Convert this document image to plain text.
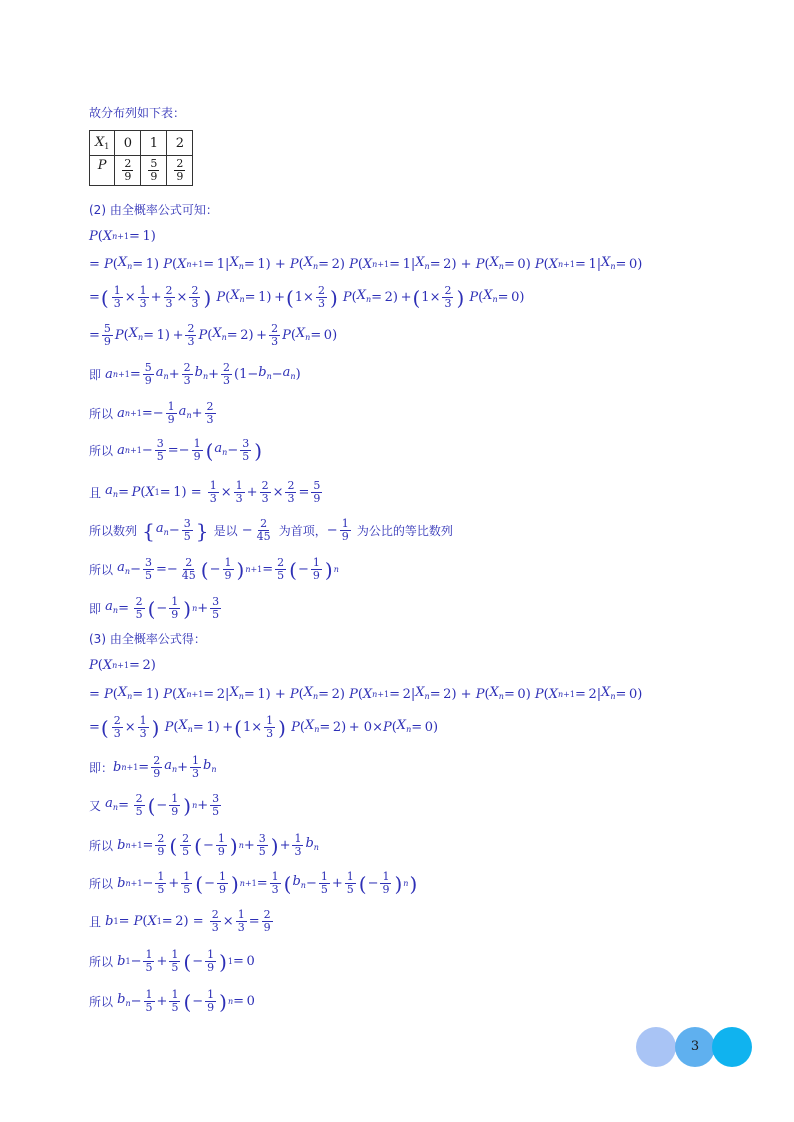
故分布列如下表：
$X_1$	0	1	2
P	$\frac{2}{9}$	$\frac{5}{9}$	$\frac{2}{9}$
(2) 由全概率公式可知：
P ( X n+1 = 1)
= P ( $X_n = 1$) P ( X n+1 = 1| $X_n = 1) + P$ ( $X_n = 2$) P ( X n+1 = 1| $X_n = 2) + P$ ( $X_n = 0$) P ( X n+1 = 1| $X_n = 0$)
= ( $\frac{1}{3} \times \frac{1}{3} + \frac{2}{3} \times \frac{2}{3}$ )
P ( $X_n = 1$) + ( $1\times \frac{2}{3}$ )
P ( $X_n = 2$) + ( $1\times \frac{2}{3}$ )
P ( $X_n = 0$)
= $\frac{5}{9}$ P ( $X_n = 1) + \frac{2}{3}$ P ( $X_n = 2) + \frac{2}{3}$ P ( $X_n = 0$)
即
a $n+1 = \frac{5}{9} a_n + \frac{2}{3} b_n + \frac{2}{3} (1- b_n - a_n$ )
所以
a $n+1 =- \frac{1}{9} a_n + \frac{2}{3}$
所以
a $n+1 - \frac{3}{5} =- \frac{1}{9}$ ( $a_n - \frac{3}{5}$ )
且
$a_n = P$ ( X $1 = 1) = \frac{1}{3} \times \frac{1}{3} + \frac{2}{3} \times \frac{2}{3} = \frac{5}{9}$
所以数列
{ $a_n - \frac{3}{5}$ }
是以 − $\frac{2}{45}$
为首项， − $\frac{1}{9}$
为公比的等比数列
所以
$a_n - \frac{3}{5} =- \frac{2}{45}$ ( − $\frac{1}{9}$ ) $n+1 = \frac{2}{5}$ ( − $\frac{1}{9}$ ) n
即
$a_n = \frac{2}{5}$ ( − $\frac{1}{9}$ ) $n + \frac{3}{5}$
(3) 由全概率公式得：
P ( X n+1 = 2)
= P ( $X_n = 1$) P ( X n+1 = 2| $X_n = 1) + P$ ( $X_n = 2$) P ( X n+1 = 2| $X_n = 2) + P$ ( $X_n = 0$) P ( X n+1 = 2| $X_n = 0$)
= ( $\frac{2}{3} \times \frac{1}{3}$ )
P ( $X_n = 1$) + ( $1\times \frac{1}{3}$ )
P ( $X_n = 2) + 0\times P$ ( $X_n = 0$)
即： b $n+1 = \frac{2}{9} a_n + \frac{1}{3} b_n$
又
$a_n = \frac{2}{5}$ ( − $\frac{1}{9}$ ) $n + \frac{3}{5}$
所以
b $n+1 = \frac{2}{9}$ ( $\frac{2}{5}$ ( − $\frac{1}{9}$ ) $n + \frac{3}{5}$ ) + $\frac{1}{3} b_n$
所以
b $n+1 - \frac{1}{5} + \frac{1}{5}$ ( − $\frac{1}{9}$ ) $n+1 = \frac{1}{3}$ ( $b_n - \frac{1}{5} + \frac{1}{5}$ ( − $\frac{1}{9}$ ) n )
且
b 1 = P ( X $1 = 2) = \frac{2}{3} \times \frac{1}{3} = \frac{2}{9}$
所以
b $1 - \frac{1}{5} + \frac{1}{5}$ ( − $\frac{1}{9}$ ) 1 = 0
所以
$b_n - \frac{1}{5} + \frac{1}{5}$ ( − $\frac{1}{9}$ ) n = 0
3
